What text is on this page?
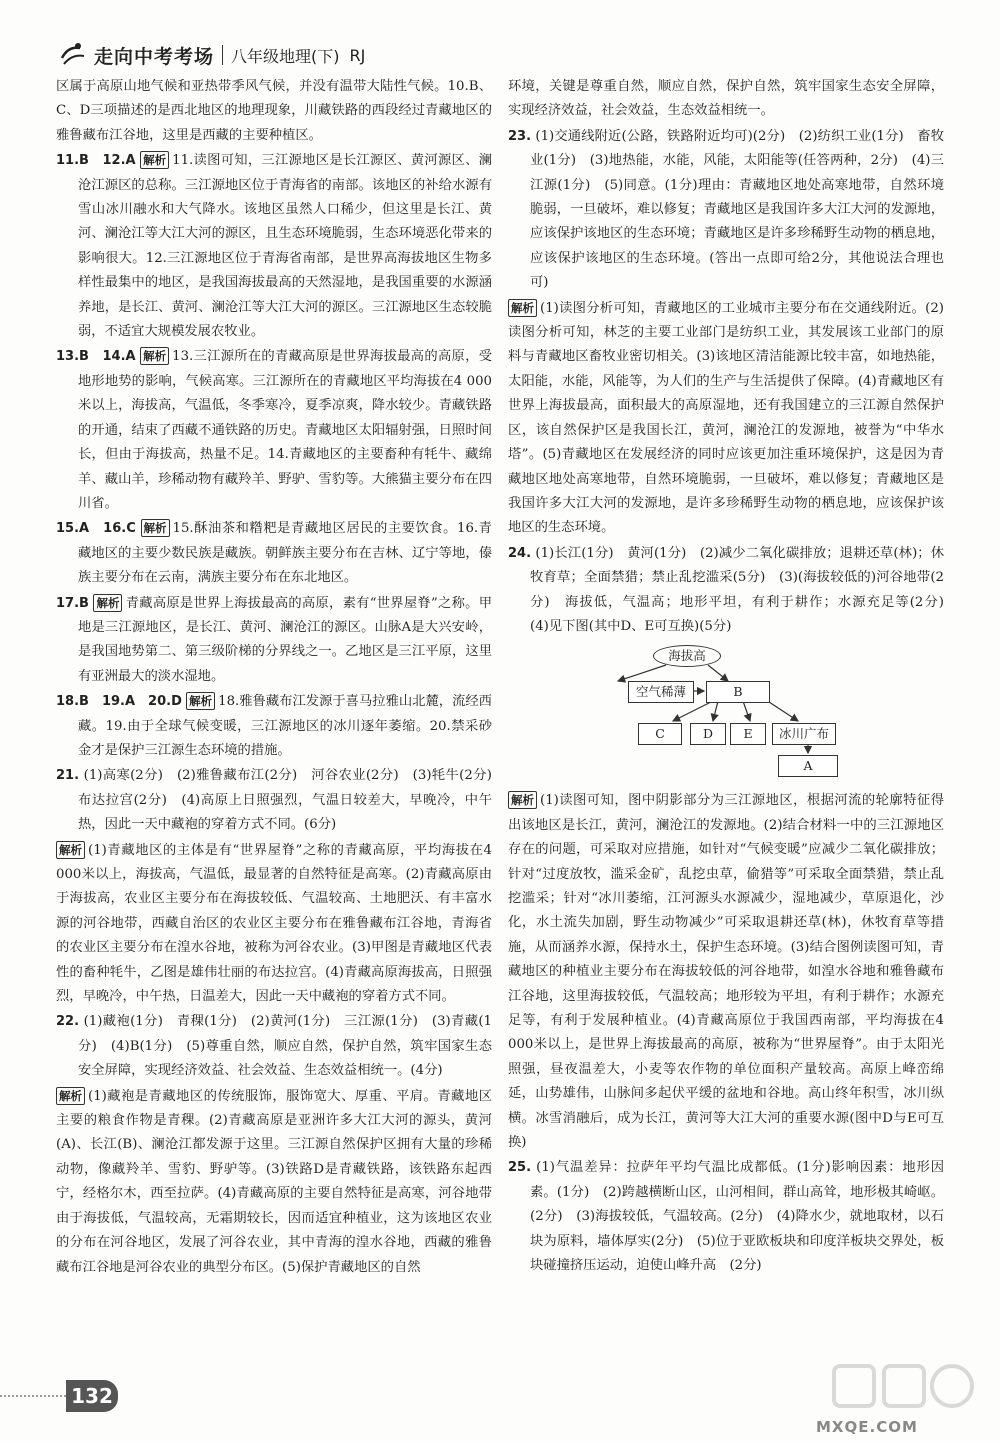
走向中考考场 八年级地理(下) RJ

区属于高原山地气候和亚热带季风气候，并没有温带大陆性气候。10.B、C、D三项描述的是西北地区的地理现象，川藏铁路的西段经过青藏地区的雅鲁藏布江谷地，这里是西藏的主要种植区。

11.B　12.A 解析 11.读图可知，三江源地区是长江源区、黄河源区、澜沧江源区的总称。三江源地区位于青海省的南部。该地区的补给水源有雪山冰川融水和大气降水。该地区虽然人口稀少，但这里是长江、黄河、澜沧江等大江大河的源区，且生态环境脆弱，生态环境恶化带来的影响很大。12.三江源地区位于青海省南部，是世界高海拔地区生物多样性最集中的地区，是我国海拔最高的天然湿地，是我国重要的水源涵养地，是长江、黄河、澜沧江等大江大河的源区。三江源地区生态较脆弱，不适宜大规模发展农牧业。

13.B　14.A 解析 13.三江源所在的青藏高原是世界海拔最高的高原，受地形地势的影响，气候高寒。三江源所在的青藏地区平均海拔在4 000米以上，海拔高，气温低，冬季寒冷，夏季凉爽，降水较少。青藏铁路的开通，结束了西藏不通铁路的历史。青藏地区太阳辐射强，日照时间长，但由于海拔高，热量不足。14.青藏地区的主要畜种有牦牛、藏绵羊、藏山羊，珍稀动物有藏羚羊、野驴、雪豹等。大熊猫主要分布在四川省。

15.A　16.C 解析 15.酥油茶和糌粑是青藏地区居民的主要饮食。16.青藏地区的主要少数民族是藏族。朝鲜族主要分布在吉林、辽宁等地，傣族主要分布在云南，满族主要分布在东北地区。

17.B 解析 青藏高原是世界上海拔最高的高原，素有“世界屋脊”之称。甲地是三江源地区，是长江、黄河、澜沧江的源区。山脉A是大兴安岭，是我国地势第二、第三级阶梯的分界线之一。乙地区是三江平原，这里有亚洲最大的淡水湿地。

18.B　19.A　20.D 解析 18.雅鲁藏布江发源于喜马拉雅山北麓，流经西藏。19.由于全球气候变暖，三江源地区的冰川逐年萎缩。20.禁采砂金才是保护三江源生态环境的措施。

21. (1)高寒(2分)　(2)雅鲁藏布江(2分)　河谷农业(2分)　(3)牦牛(2分)　布达拉宫(2分)　(4)高原上日照强烈，气温日较差大，早晚冷，中午热，因此一天中藏袍的穿着方式不同。(6分)

解析 (1)青藏地区的主体是有“世界屋脊”之称的青藏高原，平均海拔在4 000米以上，海拔高，气温低，最显著的自然特征是高寒。(2)青藏高原由于海拔高，农业区主要分布在海拔较低、气温较高、土地肥沃、有丰富水源的河谷地带，西藏自治区的农业区主要分布在雅鲁藏布江谷地，青海省的农业区主要分布在湟水谷地，被称为河谷农业。(3)甲图是青藏地区代表性的畜种牦牛，乙图是雄伟壮丽的布达拉宫。(4)青藏高原海拔高，日照强烈，早晚冷，中午热，日温差大，因此一天中藏袍的穿着方式不同。

22. (1)藏袍(1分)　青稞(1分)　(2)黄河(1分)　三江源(1分)　(3)青藏(1分)　(4)B(1分)　(5)尊重自然，顺应自然，保护自然，筑牢国家生态安全屏障，实现经济效益、社会效益、生态效益相统一。(4分)

解析 (1)藏袍是青藏地区的传统服饰，服饰宽大、厚重、平肩。青藏地区主要的粮食作物是青稞。(2)青藏高原是亚洲许多大江大河的源头，黄河(A)、长江(B)、澜沧江都发源于这里。三江源自然保护区拥有大量的珍稀动物，像藏羚羊、雪豹、野驴等。(3)铁路D是青藏铁路，该铁路东起西宁，经格尔木，西至拉萨。(4)青藏高原的主要自然特征是高寒，河谷地带由于海拔低，气温较高，无霜期较长，因而适宜种植业，这为该地区农业的分布在河谷地区，发展了河谷农业，其中青海的湟水谷地，西藏的雅鲁藏布江谷地是河谷农业的典型分布区。(5)保护青藏地区的自然

环境，关键是尊重自然，顺应自然，保护自然，筑牢国家生态安全屏障，实现经济效益，社会效益，生态效益相统一。

23. (1)交通线附近(公路，铁路附近均可)(2分)　(2)纺织工业(1分)　畜牧业(1分)　(3)地热能，水能，风能，太阳能等(任答两种，2分)　(4)三江源(1分)　(5)同意。(1分)理由：青藏地区地处高寒地带，自然环境脆弱，一旦破坏，难以修复；青藏地区是我国许多大江大河的发源地，应该保护该地区的生态环境；青藏地区是许多珍稀野生动物的栖息地，应该保护该地区的生态环境。(答出一点即可给2分，其他说法合理也可)

解析 (1)读图分析可知，青藏地区的工业城市主要分布在交通线附近。(2)读图分析可知，林芝的主要工业部门是纺织工业，其发展该工业部门的原料与青藏地区畜牧业密切相关。(3)该地区清洁能源比较丰富，如地热能，太阳能，水能，风能等，为人们的生产与生活提供了保障。(4)青藏地区有世界上海拔最高，面积最大的高原湿地，还有我国建立的三江源自然保护区，该自然保护区是我国长江，黄河，澜沧江的发源地，被誉为“中华水塔”。(5)青藏地区在发展经济的同时应该更加注重环境保护，这是因为青藏地区地处高寒地带，自然环境脆弱，一旦破坏，难以修复；青藏地区是我国许多大江大河的发源地，是许多珍稀野生动物的栖息地，应该保护该地区的生态环境。

24. (1)长江(1分)　黄河(1分)　(2)减少二氧化碳排放；退耕还草(林)；休牧育草；全面禁猎；禁止乱挖滥采(5分)　(3)(海拔较低的)河谷地带(2分)　海拔低，气温高；地形平坦，有利于耕作；水源充足等(2分)　(4)见下图(其中D、E可互换)(5分)

海拔高
空气稀薄	B
C	D	E	冰川广布
A

解析 (1)读图可知，图中阴影部分为三江源地区，根据河流的轮廓特征得出该地区是长江，黄河，澜沧江的发源地。(2)结合材料一中的三江源地区存在的问题，可采取对应措施，如针对“气候变暖”应减少二氧化碳排放；针对“过度放牧，滥采金矿，乱挖虫草，偷猎等”可采取全面禁猎，禁止乱挖滥采；针对“冰川萎缩，江河源头水源减少，湿地减少，草原退化，沙化，水土流失加剧，野生动物减少”可采取退耕还草(林)，休牧育草等措施，从而涵养水源，保持水土，保护生态环境。(3)结合图例读图可知，青藏地区的种植业主要分布在海拔较低的河谷地带，如湟水谷地和雅鲁藏布江谷地，这里海拔较低，气温较高；地形较为平坦，有利于耕作；水源充足等，有利于发展种植业。(4)青藏高原位于我国西南部，平均海拔在4 000米以上，是世界上海拔最高的高原，被称为“世界屋脊”。由于太阳光照强，昼夜温差大，小麦等农作物的单位面积产量较高。高原上峰峦绵延，山势雄伟，山脉间多起伏平缓的盆地和谷地。高山终年积雪，冰川纵横。冰雪消融后，成为长江，黄河等大江大河的重要水源(图中D与E可互换)

25. (1)气温差异：拉萨年平均气温比成都低。(1分)影响因素：地形因素。(1分)　(2)跨越横断山区，山河相间，群山高耸，地形极其崎岖。(2分)　(3)海拔较低，气温较高。(2分)　(4)降水少，就地取材，以石块为原料，墙体厚实(2分)　(5)位于亚欧板块和印度洋板块交界处，板块碰撞挤压运动，迫使山峰升高　(2分)

132
MXQE.COM
